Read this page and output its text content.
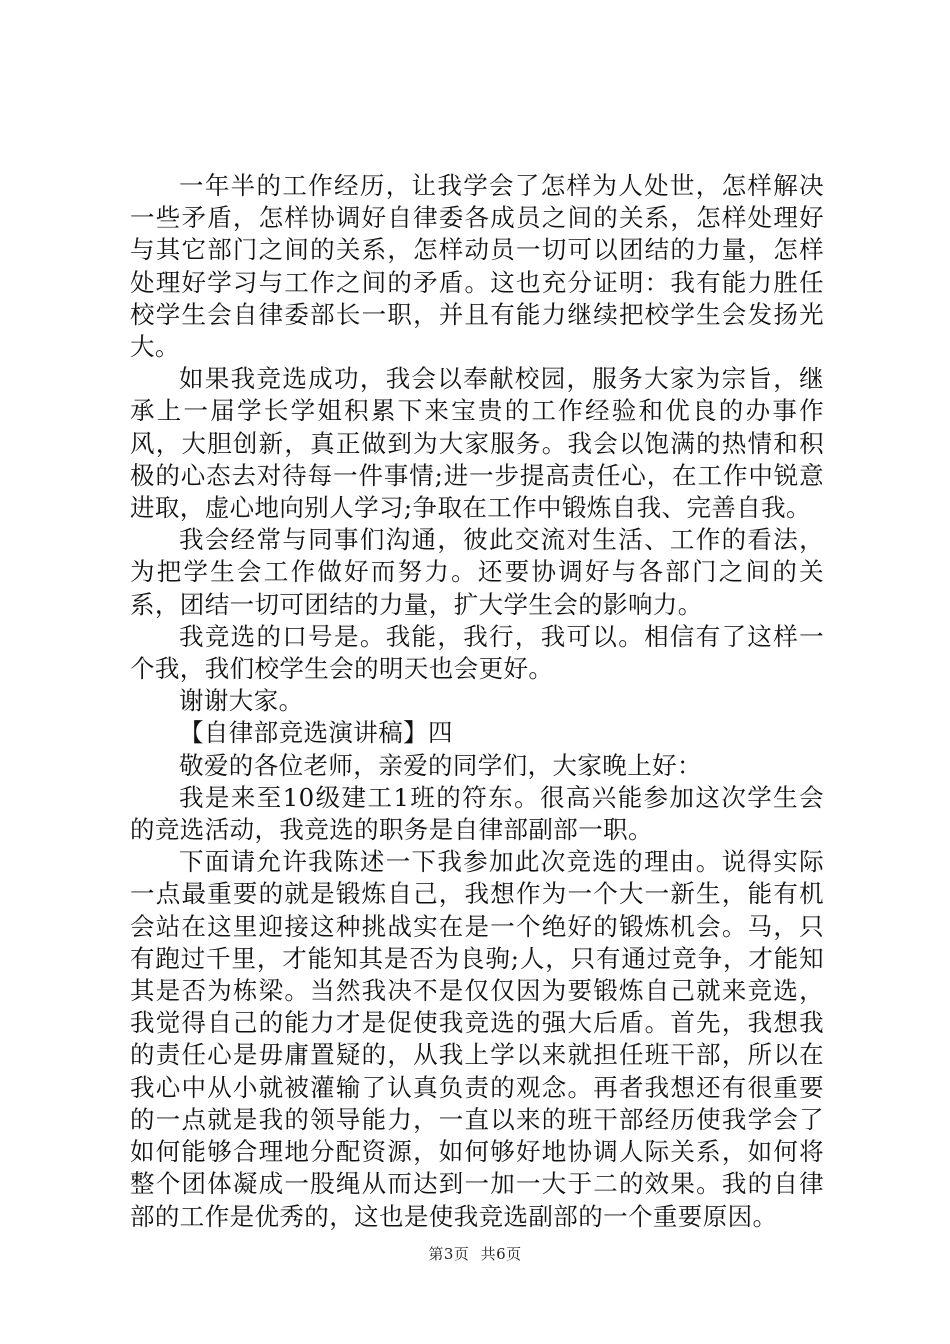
一年半的工作经历，让我学会了怎样为人处世，怎样解决一些矛盾，怎样协调好自律委各成员之间的关系，怎样处理好与其它部门之间的关系，怎样动员一切可以团结的力量，怎样处理好学习与工作之间的矛盾。这也充分证明：我有能力胜任校学生会自律委部长一职，并且有能力继续把校学生会发扬光大。

如果我竞选成功，我会以奉献校园，服务大家为宗旨，继承上一届学长学姐积累下来宝贵的工作经验和优良的办事作风，大胆创新，真正做到为大家服务。我会以饱满的热情和积极的心态去对待每一件事情;进一步提高责任心，在工作中锐意进取，虚心地向别人学习;争取在工作中锻炼自我、完善自我。

我会经常与同事们沟通，彼此交流对生活、工作的看法，为把学生会工作做好而努力。还要协调好与各部门之间的关系，团结一切可团结的力量，扩大学生会的影响力。

我竞选的口号是。我能，我行，我可以。相信有了这样一个我，我们校学生会的明天也会更好。

谢谢大家。

【自律部竞选演讲稿】四

敬爱的各位老师，亲爱的同学们，大家晚上好：

我是来至10级建工1班的符东。很高兴能参加这次学生会的竞选活动，我竞选的职务是自律部副部一职。

下面请允许我陈述一下我参加此次竞选的理由。说得实际一点最重要的就是锻炼自己，我想作为一个大一新生，能有机会站在这里迎接这种挑战实在是一个绝好的锻炼机会。马，只有跑过千里，才能知其是否为良驹;人，只有通过竞争，才能知其是否为栋梁。当然我决不是仅仅因为要锻炼自己就来竞选，我觉得自己的能力才是促使我竞选的强大后盾。首先，我想我的责任心是毋庸置疑的，从我上学以来就担任班干部，所以在我心中从小就被灌输了认真负责的观念。再者我想还有很重要的一点就是我的领导能力，一直以来的班干部经历使我学会了如何能够合理地分配资源，如何够好地协调人际关系，如何将整个团体凝成一股绳从而达到一加一大于二的效果。我的自律部的工作是优秀的，这也是使我竞选副部的一个重要原因。

第3页 共6页
